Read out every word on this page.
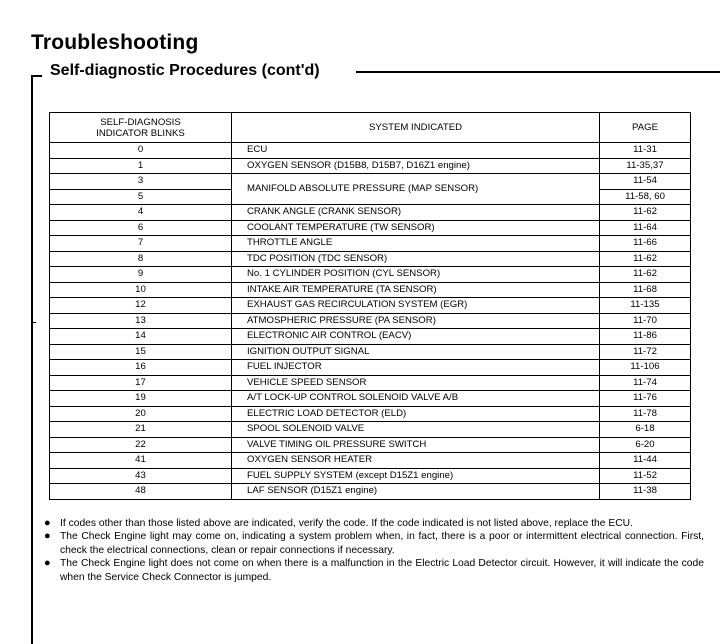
Troubleshooting
Self-diagnostic Procedures (cont'd)
SELF-DIAGNOSIS
INDICATOR BLINKS	SYSTEM INDICATED	PAGE
0	ECU	11-31
1	OXYGEN SENSOR (D15B8, D15B7, D16Z1 engine)	11-35,37
3	MANIFOLD ABSOLUTE PRESSURE (MAP SENSOR)	11-54
5		11-58, 60
4	CRANK ANGLE (CRANK SENSOR)	11-62
6	COOLANT TEMPERATURE (TW SENSOR)	11-64
7	THROTTLE ANGLE	11-66
8	TDC POSITION (TDC SENSOR)	11-62
9	No. 1 CYLINDER POSITION (CYL SENSOR)	11-62
10	INTAKE AIR TEMPERATURE (TA SENSOR)	11-68
12	EXHAUST GAS RECIRCULATION SYSTEM (EGR)	11-135
13	ATMOSPHERIC PRESSURE (PA SENSOR)	11-70
14	ELECTRONIC AIR CONTROL (EACV)	11-86
15	IGNITION OUTPUT SIGNAL	11-72
16	FUEL INJECTOR	11-106
17	VEHICLE SPEED SENSOR	11-74
19	A/T LOCK-UP CONTROL SOLENOID VALVE A/B	11-76
20	ELECTRIC LOAD DETECTOR (ELD)	11-78
21	SPOOL SOLENOID VALVE	6-18
22	VALVE TIMING OIL PRESSURE SWITCH	6-20
41	OXYGEN SENSOR HEATER	11-44
43	FUEL SUPPLY SYSTEM (except D15Z1 engine)	11-52
48	LAF SENSOR (D15Z1 engine)	11-38
● If codes other than those listed above are indicated, verify the code. If the code indicated is not listed above, replace the ECU.
● The Check Engine light may come on, indicating a system problem when, in fact, there is a poor or intermittent electrical connection. First, check the electrical connections, clean or repair connections if necessary.
● The Check Engine light does not come on when there is a malfunction in the Electric Load Detector circuit. However, it will indicate the code when the Service Check Connector is jumped.
